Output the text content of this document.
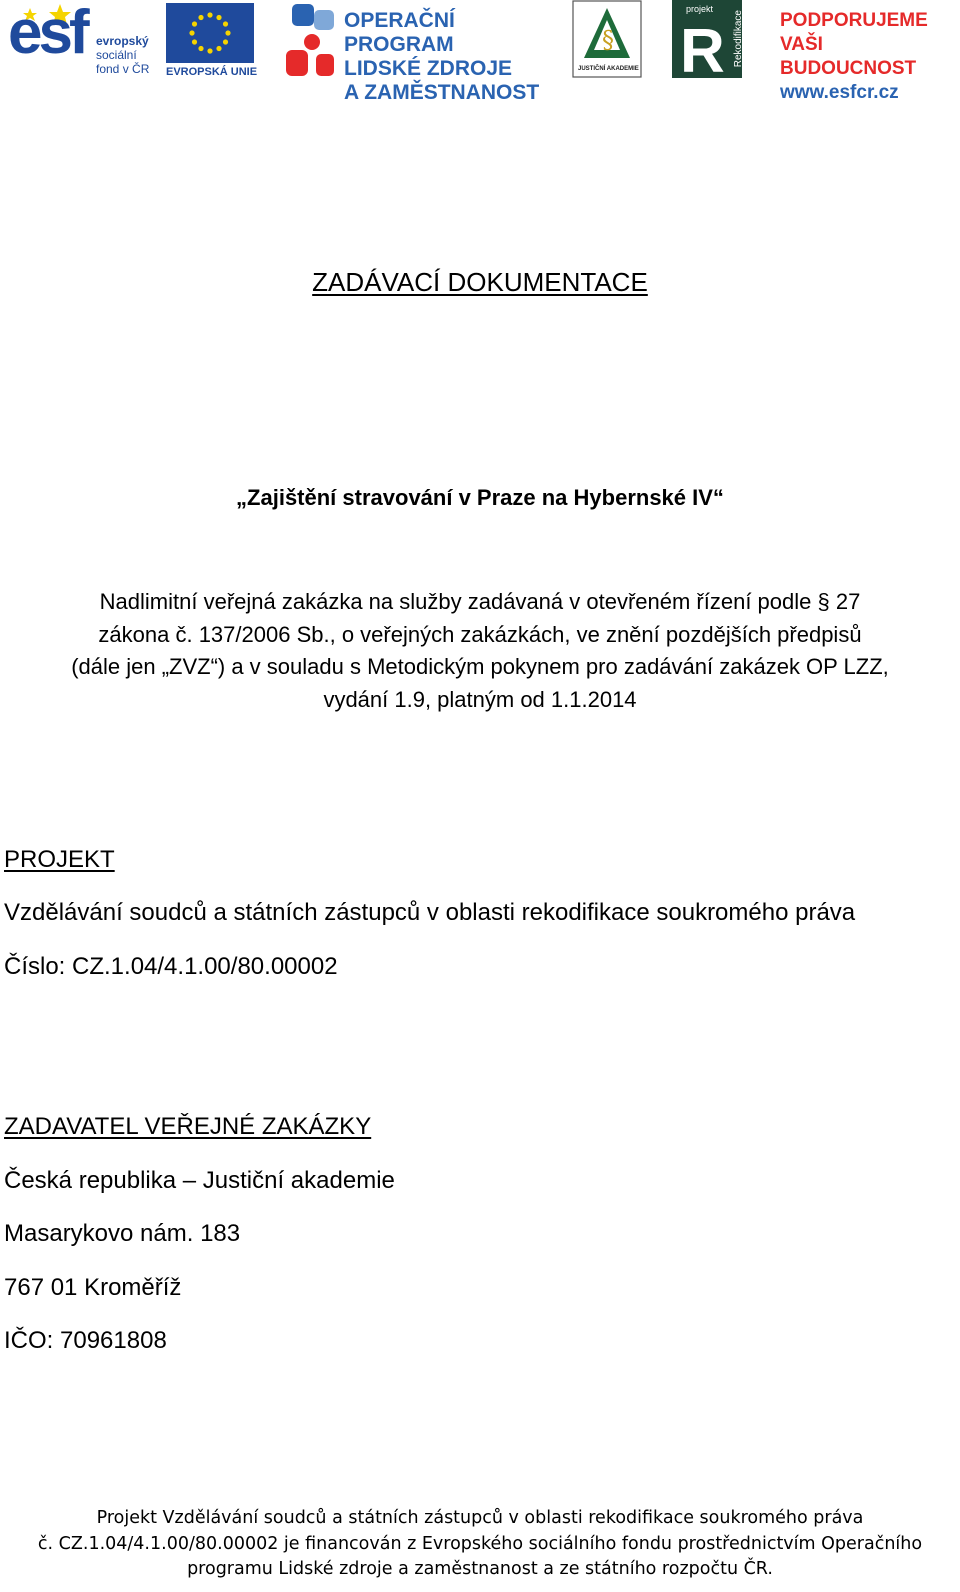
esf evropský
sociální
fond v ČR EVROPSKÁ UNIE
OPERAČNÍ PROGRAM
LIDSKÉ ZDROJE
A ZAMĚSTNANOST
§
JUSTIČNÍ AKADEMIE R
projekt
Rekodifikace PODPORUJEME
VAŠI BUDOUCNOST
www.esfcr.cz
ZADÁVACÍ DOKUMENTACE
„Zajištění stravování v Praze na Hybernské IV“
Nadlimitní veřejná zakázka na služby zadávaná v otevřeném řízení podle § 27
zákona č. 137/2006 Sb., o veřejných zakázkách, ve znění pozdějších předpisů
(dále jen „ZVZ“) a v souladu s Metodickým pokynem pro zadávání zakázek OP LZZ,
vydání 1.9, platným od 1.1.2014
PROJEKT
Vzdělávání soudců a státních zástupců v oblasti rekodifikace soukromého práva
Číslo: CZ.1.04/4.1.00/80.00002
ZADAVATEL VEŘEJNÉ ZAKÁZKY
Česká republika – Justiční akademie
Masarykovo nám. 183
767 01 Kroměříž
IČO: 70961808
Projekt Vzdělávání soudců a státních zástupců v oblasti rekodifikace soukromého práva
č. CZ.1.04/4.1.00/80.00002 je financován z Evropského sociálního fondu prostřednictvím Operačního
programu Lidské zdroje a zaměstnanost a ze státního rozpočtu ČR.
